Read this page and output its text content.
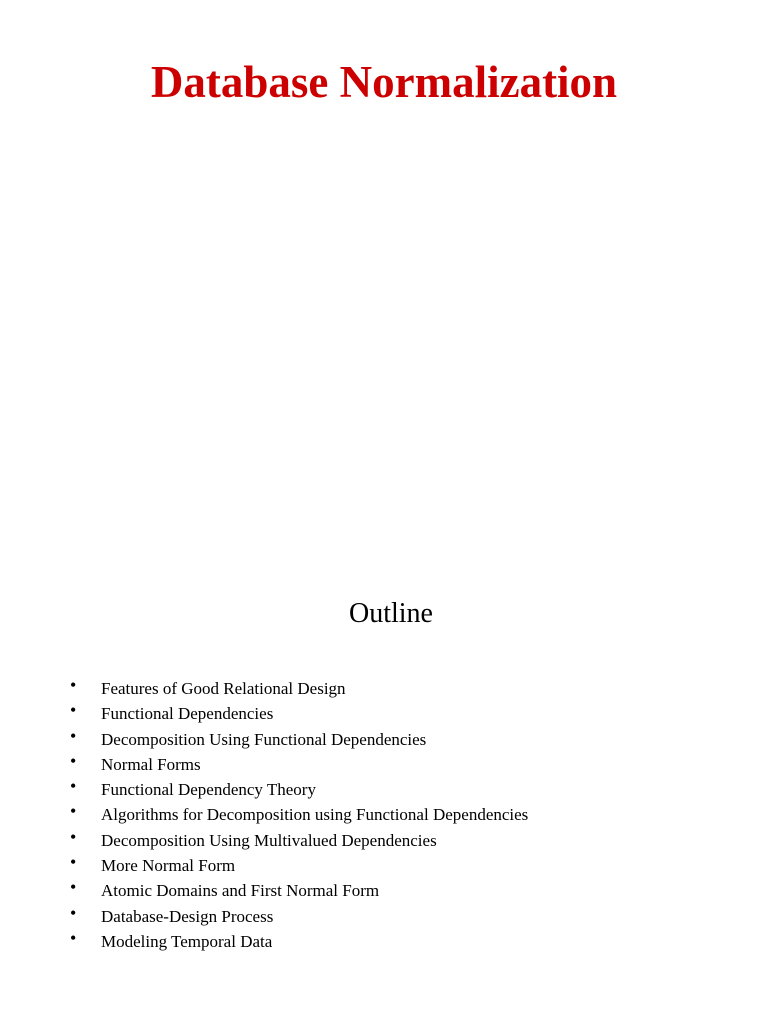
Database Normalization
Outline
• Features of Good Relational Design
• Functional Dependencies
• Decomposition Using Functional Dependencies
• Normal Forms
• Functional Dependency Theory
• Algorithms for Decomposition using Functional Dependencies
• Decomposition Using Multivalued Dependencies
• More Normal Form
• Atomic Domains and First Normal Form
• Database-Design Process
• Modeling Temporal Data
